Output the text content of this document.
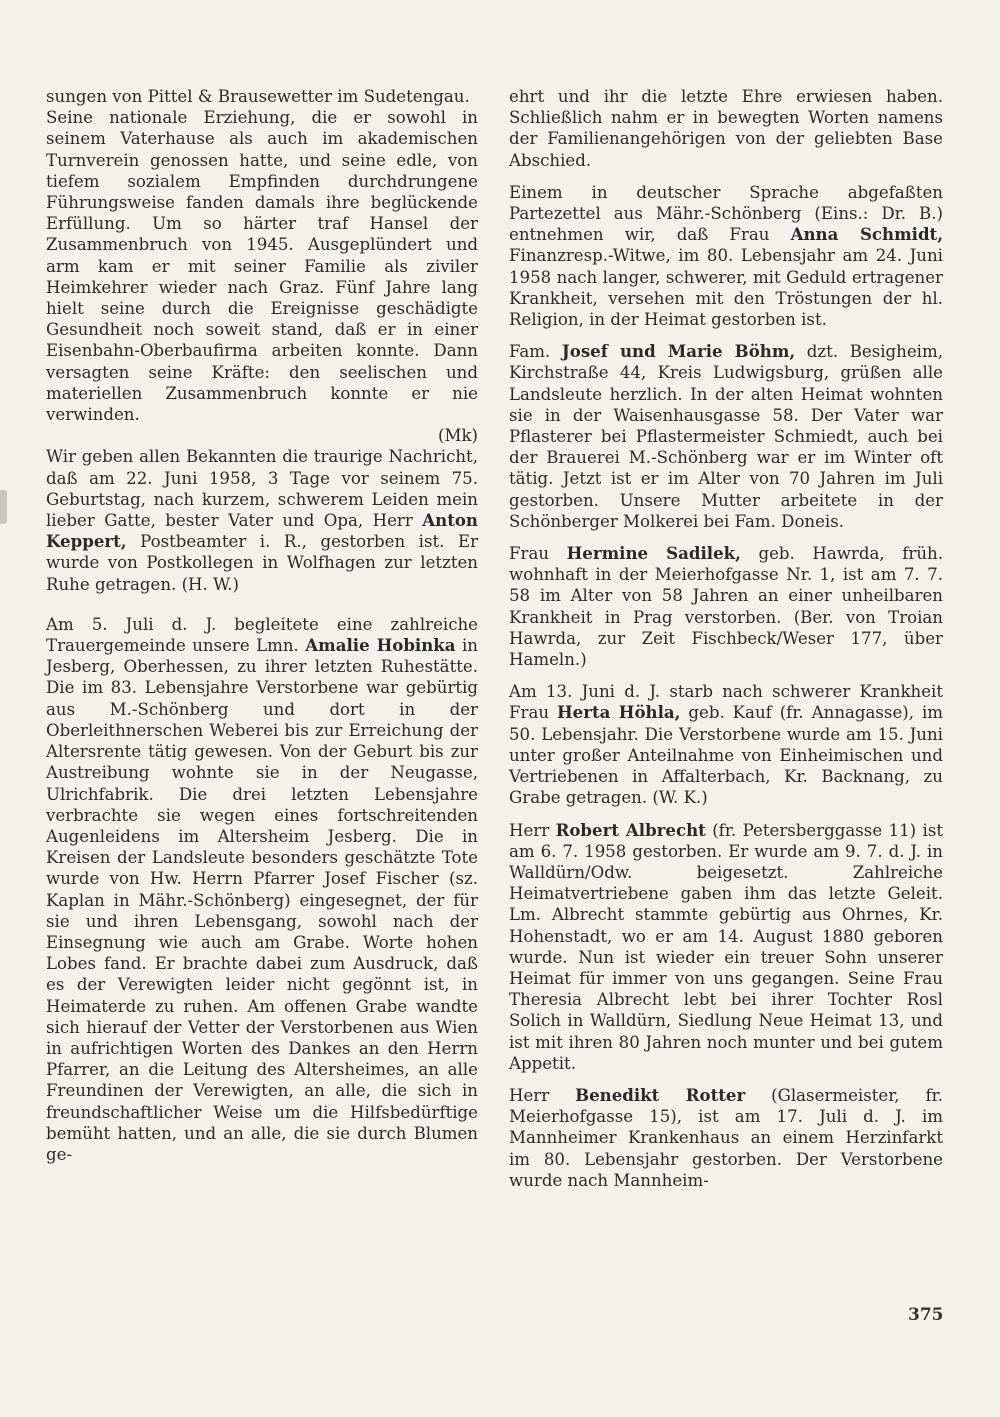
sungen von Pittel & Brausewetter im Sudetengau.

Seine nationale Erziehung, die er sowohl in seinem Vaterhause als auch im akademischen Turnverein genossen hatte, und seine edle, von tiefem sozialem Empfinden durchdrungene Führungsweise fanden damals ihre beglückende Erfüllung. Um so härter traf Hansel der Zusammenbruch von 1945. Ausgeplündert und arm kam er mit seiner Familie als ziviler Heimkehrer wieder nach Graz. Fünf Jahre lang hielt seine durch die Ereignisse geschädigte Gesundheit noch soweit stand, daß er in einer Eisenbahn-Oberbaufirma arbeiten konnte. Dann versagten seine Kräfte: den seelischen und materiellen Zusammenbruch konnte er nie verwinden.

(Mk)

Wir geben allen Bekannten die traurige Nachricht, daß am 22. Juni 1958, 3 Tage vor seinem 75. Geburtstag, nach kurzem, schwerem Leiden mein lieber Gatte, bester Vater und Opa, Herr Anton Keppert, Postbeamter i. R., gestorben ist. Er wurde von Postkollegen in Wolfhagen zur letzten Ruhe getragen. (H. W.)

Am 5. Juli d. J. begleitete eine zahlreiche Trauergemeinde unsere Lmn. Amalie Hobinka in Jesberg, Oberhessen, zu ihrer letzten Ruhestätte. Die im 83. Lebensjahre Verstorbene war gebürtig aus M.-Schönberg und dort in der Oberleithnerschen Weberei bis zur Erreichung der Altersrente tätig gewesen. Von der Geburt bis zur Austreibung wohnte sie in der Neugasse, Ulrichfabrik. Die drei letzten Lebensjahre verbrachte sie wegen eines fortschreitenden Augenleidens im Altersheim Jesberg. Die in Kreisen der Landsleute besonders geschätzte Tote wurde von Hw. Herrn Pfarrer Josef Fischer (sz. Kaplan in Mähr.-Schönberg) eingesegnet, der für sie und ihren Lebensgang, sowohl nach der Einsegnung wie auch am Grabe. Worte hohen Lobes fand. Er brachte dabei zum Ausdruck, daß es der Verewigten leider nicht gegönnt ist, in Heimaterde zu ruhen. Am offenen Grabe wandte sich hierauf der Vetter der Verstorbenen aus Wien in aufrichtigen Worten des Dankes an den Herrn Pfarrer, an die Leitung des Altersheimes, an alle Freundinen der Verewigten, an alle, die sich in freundschaftlicher Weise um die Hilfsbedürftige bemüht hatten, und an alle, die sie durch Blumen ge-

ehrt und ihr die letzte Ehre erwiesen haben. Schließlich nahm er in bewegten Worten namens der Familienangehörigen von der geliebten Base Abschied.

Einem in deutscher Sprache abgefaßten Partezettel aus Mähr.-Schönberg (Eins.: Dr. B.) entnehmen wir, daß Frau Anna Schmidt, Finanzresp.-Witwe, im 80. Lebensjahr am 24. Juni 1958 nach langer, schwerer, mit Geduld ertragener Krankheit, versehen mit den Tröstungen der hl. Religion, in der Heimat gestorben ist.

Fam. Josef und Marie Böhm, dzt. Besigheim, Kirchstraße 44, Kreis Ludwigsburg, grüßen alle Landsleute herzlich. In der alten Heimat wohnten sie in der Waisenhausgasse 58. Der Vater war Pflasterer bei Pflastermeister Schmiedt, auch bei der Brauerei M.-Schönberg war er im Winter oft tätig. Jetzt ist er im Alter von 70 Jahren im Juli gestorben. Unsere Mutter arbeitete in der Schönberger Molkerei bei Fam. Doneis.

Frau Hermine Sadilek, geb. Hawrda, früh. wohnhaft in der Meierhofgasse Nr. 1, ist am 7. 7. 58 im Alter von 58 Jahren an einer unheilbaren Krankheit in Prag verstorben. (Ber. von Troian Hawrda, zur Zeit Fischbeck/Weser 177, über Hameln.)

Am 13. Juni d. J. starb nach schwerer Krankheit Frau Herta Höhla, geb. Kauf (fr. Annagasse), im 50. Lebensjahr. Die Verstorbene wurde am 15. Juni unter großer Anteilnahme von Einheimischen und Vertriebenen in Affalterbach, Kr. Backnang, zu Grabe getragen. (W. K.)

Herr Robert Albrecht (fr. Petersberggasse 11) ist am 6. 7. 1958 gestorben. Er wurde am 9. 7. d. J. in Walldürn/Odw. beigesetzt. Zahlreiche Heimatvertriebene gaben ihm das letzte Geleit. Lm. Albrecht stammte gebürtig aus Ohrnes, Kr. Hohenstadt, wo er am 14. August 1880 geboren wurde. Nun ist wieder ein treuer Sohn unserer Heimat für immer von uns gegangen. Seine Frau Theresia Albrecht lebt bei ihrer Tochter Rosl Solich in Walldürn, Siedlung Neue Heimat 13, und ist mit ihren 80 Jahren noch munter und bei gutem Appetit.

Herr Benedikt Rotter (Glasermeister, fr. Meierhofgasse 15), ist am 17. Juli d. J. im Mannheimer Krankenhaus an einem Herzinfarkt im 80. Lebensjahr gestorben. Der Verstorbene wurde nach Mannheim-

375
